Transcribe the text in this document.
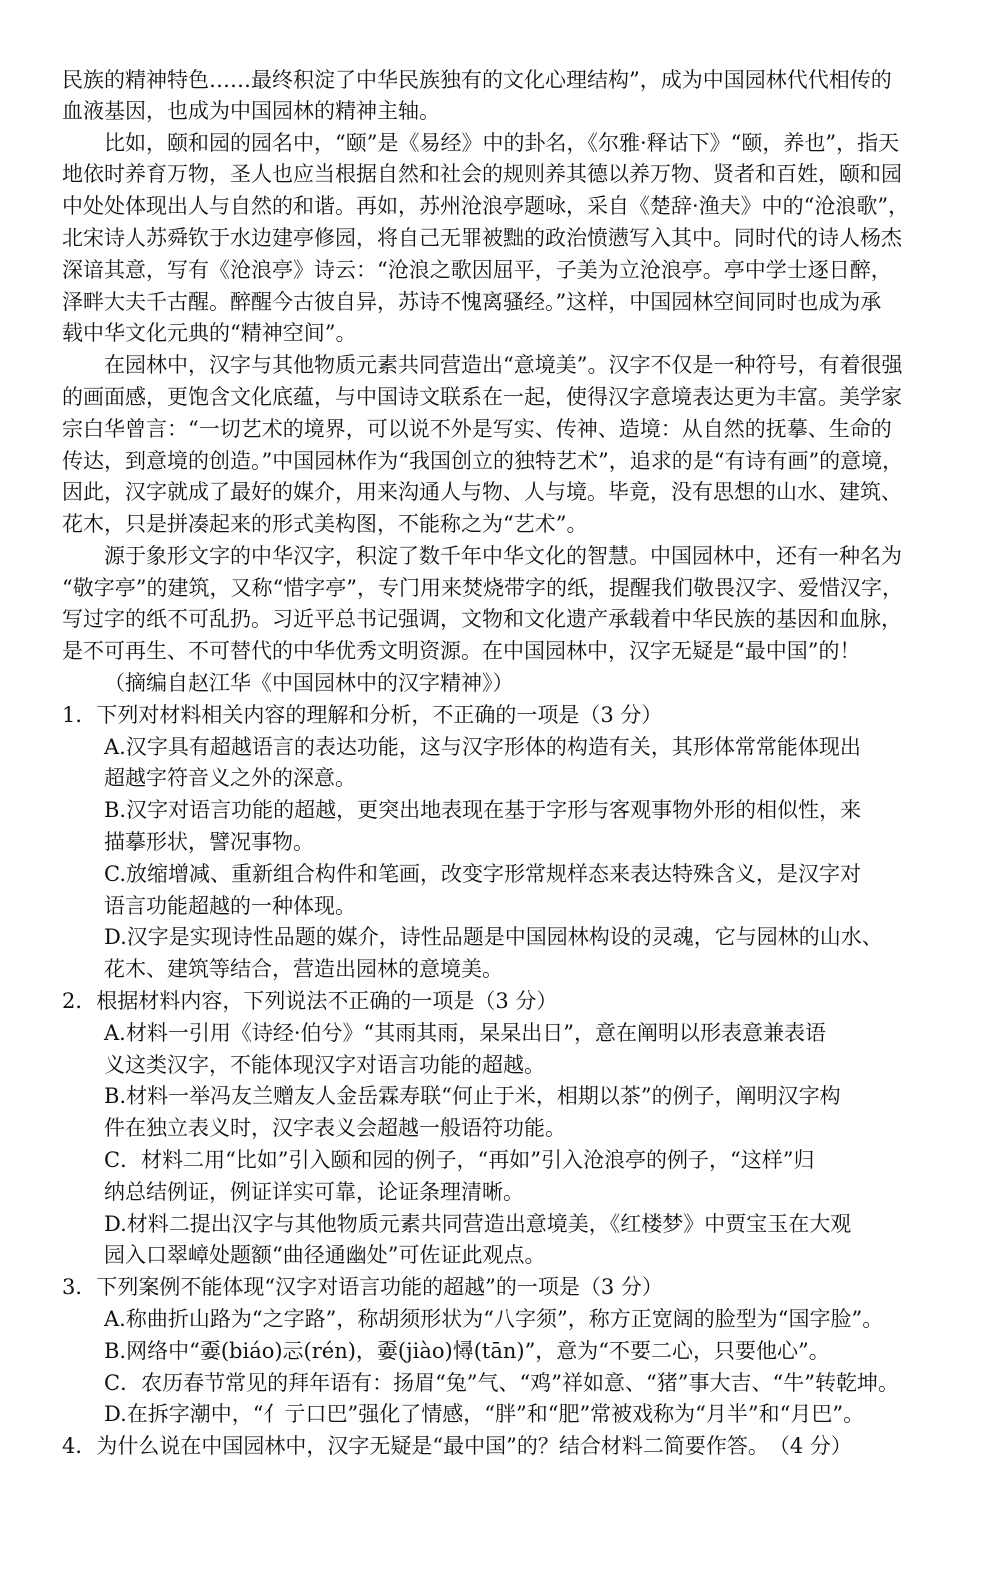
民族的精神特色……最终积淀了中华民族独有的文化心理结构”，成为中国园林代代相传的
血液基因，也成为中国园林的精神主轴。
比如，颐和园的园名中，“颐”是《易经》中的卦名，《尔雅·释诂下》“颐，养也”，指天
地依时养育万物，圣人也应当根据自然和社会的规则养其德以养万物、贤者和百姓，颐和园
中处处体现出人与自然的和谐。再如，苏州沧浪亭题咏，采自《楚辞·渔夫》中的“沧浪歌”，
北宋诗人苏舜钦于水边建亭修园，将自己无罪被黜的政治愤懑写入其中。同时代的诗人杨杰
深谙其意，写有《沧浪亭》诗云：“沧浪之歌因屈平，子美为立沧浪亭。亭中学士逐日醉，
泽畔大夫千古醒。醉醒今古彼自异，苏诗不愧离骚经。”这样，中国园林空间同时也成为承
载中华文化元典的“精神空间”。
在园林中，汉字与其他物质元素共同营造出“意境美”。汉字不仅是一种符号，有着很强
的画面感，更饱含文化底蕴，与中国诗文联系在一起，使得汉字意境表达更为丰富。美学家
宗白华曾言：“一切艺术的境界，可以说不外是写实、传神、造境：从自然的抚摹、生命的
传达，到意境的创造。”中国园林作为“我国创立的独特艺术”，追求的是“有诗有画”的意境，
因此，汉字就成了最好的媒介，用来沟通人与物、人与境。毕竟，没有思想的山水、建筑、
花木，只是拼凑起来的形式美构图，不能称之为“艺术”。
源于象形文字的中华汉字，积淀了数千年中华文化的智慧。中国园林中，还有一种名为
“敬字亭”的建筑，又称“惜字亭”，专门用来焚烧带字的纸，提醒我们敬畏汉字、爱惜汉字，
写过字的纸不可乱扔。习近平总书记强调，文物和文化遗产承载着中华民族的基因和血脉，
是不可再生、不可替代的中华优秀文明资源。在中国园林中，汉字无疑是“最中国”的！
（摘编自赵江华《中国园林中的汉字精神》）
1．下列对材料相关内容的理解和分析，不正确的一项是（3 分）
A.汉字具有超越语言的表达功能，这与汉字形体的构造有关，其形体常常能体现出
超越字符音义之外的深意。
B.汉字对语言功能的超越，更突出地表现在基于字形与客观事物外形的相似性，来
描摹形状，譬况事物。
C.放缩增减、重新组合构件和笔画，改变字形常规样态来表达特殊含义，是汉字对
语言功能超越的一种体现。
D.汉字是实现诗性品题的媒介，诗性品题是中国园林构设的灵魂，它与园林的山水、
花木、建筑等结合，营造出园林的意境美。
2．根据材料内容，下列说法不正确的一项是（3 分）
A.材料一引用《诗经·伯兮》“其雨其雨，杲杲出日”，意在阐明以形表意兼表语
义这类汉字，不能体现汉字对语言功能的超越。
B.材料一举冯友兰赠友人金岳霖寿联“何止于米，相期以茶”的例子，阐明汉字构
件在独立表义时，汉字表义会超越一般语符功能。
C．材料二用“比如”引入颐和园的例子，“再如”引入沧浪亭的例子，“这样”归
纳总结例证，例证详实可靠，论证条理清晰。
D.材料二提出汉字与其他物质元素共同营造出意境美，《红楼梦》中贾宝玉在大观
园入口翠嶂处题额“曲径通幽处”可佐证此观点。
3．下列案例不能体现“汉字对语言功能的超越”的一项是（3 分）
A.称曲折山路为“之字路”，称胡须形状为“八字须”，称方正宽阔的脸型为“国字脸”。
B.网络中“嫑(biáo)忈(rén)，嫑(jiào)憳(tān)”，意为“不要二心，只要他心”。
C．农历春节常见的拜年语有：扬眉“兔”气、“鸡”祥如意、“猪”事大吉、“牛”转乾坤。
D.在拆字潮中，“亻亍口巴”强化了情感，“胖”和“肥”常被戏称为“月半”和“月巴”。
4．为什么说在中国园林中，汉字无疑是“最中国”的？结合材料二简要作答。　（4 分）
